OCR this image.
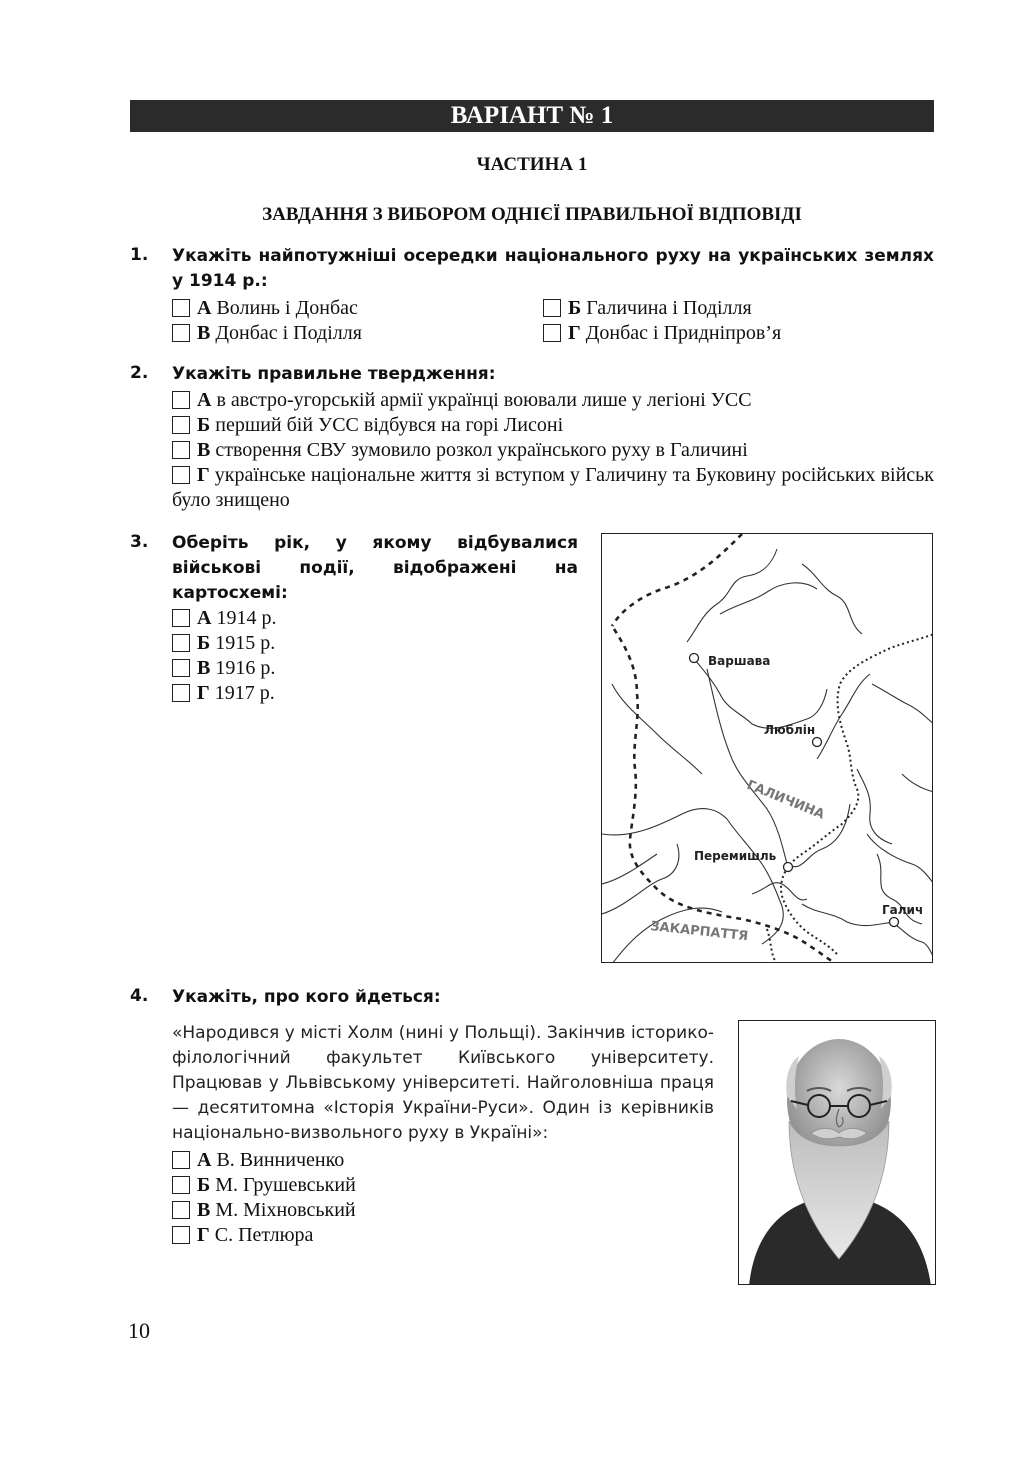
ВАРІАНТ № 1
ЧАСТИНА 1
ЗАВДАННЯ З ВИБОРОМ ОДНІЄЇ ПРАВИЛЬНОЇ ВІДПОВІДІ
1. Укажіть найпотужніші осередки національного руху на українських землях у 1914 р.:
А Волинь і Донбас	Б Галичина і Поділля
В Донбас і Поділля	Г Донбас і Придніпров’я
2. Укажіть правильне твердження:
А в австро-угорській армії українці воювали лише у легіоні УСС
Б перший бій УСС відбувся на горі Лисоні
В створення СВУ зумовило розкол українського руху в Галичині
Г українське національне життя зі вступом у Галичину та Буковину російських військ було знищено
3. Оберіть рік, у якому відбувалися військові події, відображені на картосхемі:
А 1914 р.
Б 1915 р.
В 1916 р.
Г 1917 р.
Варшава
Люблін
Перемишль
Галич
ГАЛИЧИНА
ЗАКАРПАТТЯ
4. Укажіть, про кого йдеться:
«Народився у місті Холм (нині у Польщі). Закінчив історико-філологічний факультет Київського університету. Працював у Львівському університеті. Найголовніша праця — десятитомна «Історія України-Руси». Один із керівників національно-визвольного руху в Україні»:
А В. Винниченко
Б М. Грушевський
В М. Міхновський
Г С. Петлюра
10
